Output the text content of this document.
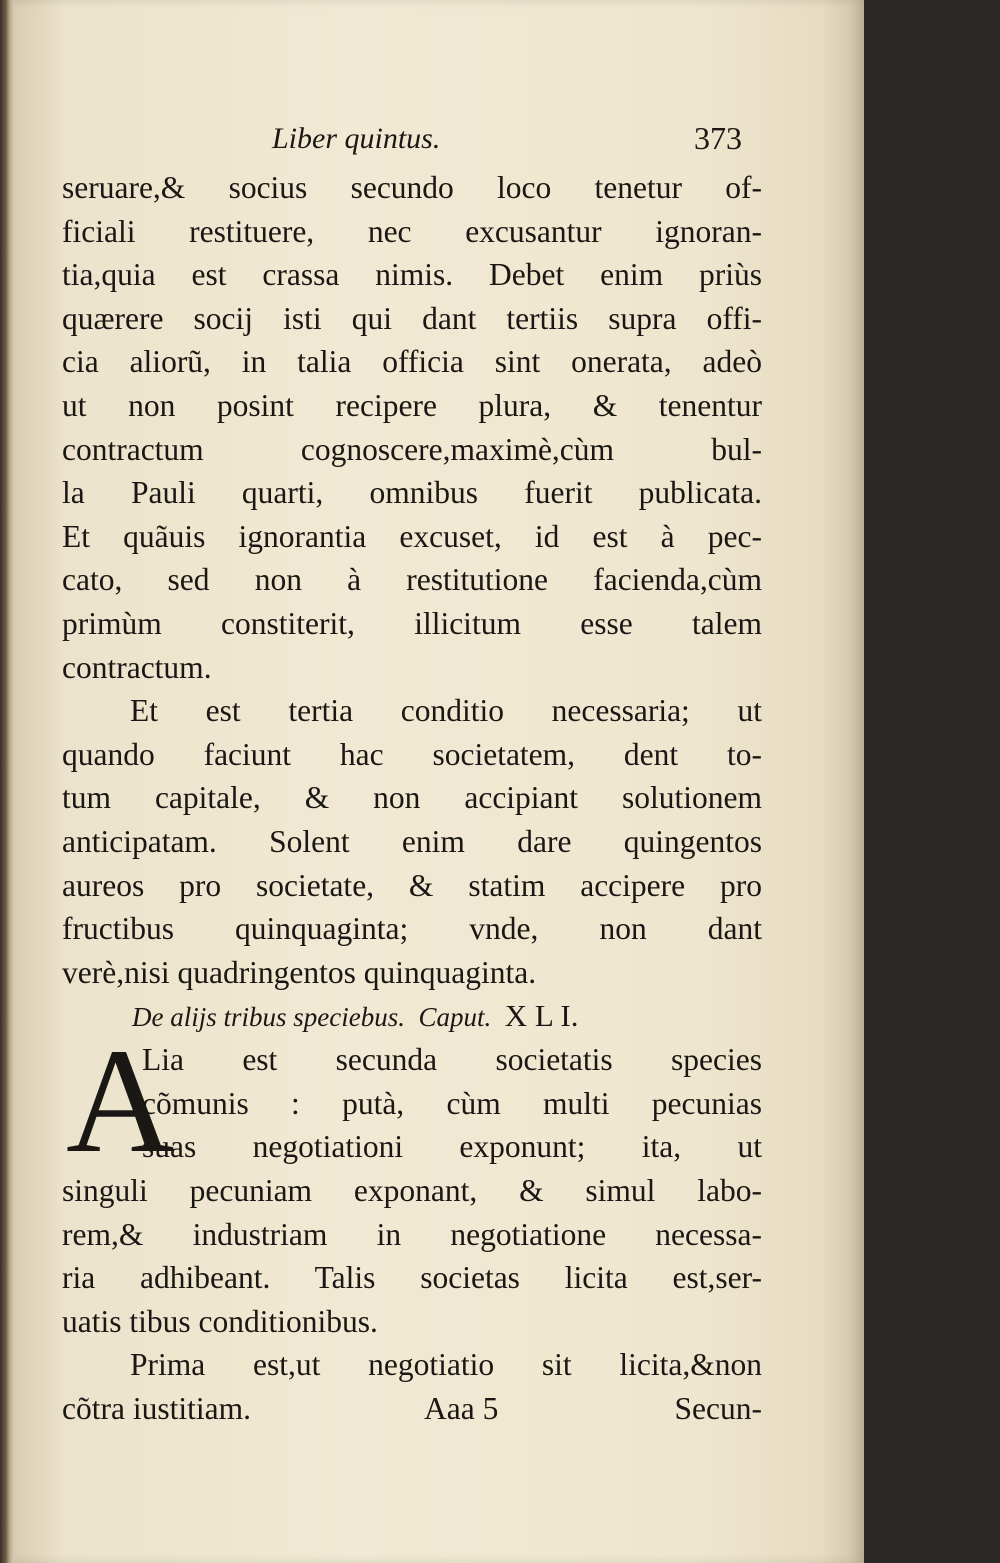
Liber quintus.	373
seruare,& socius secundo loco tenetur of-
ficiali restituere, nec excusantur ignoran-
tia,quia est crassa nimis. Debet enim priùs
quærere socij isti qui dant tertiis supra offi-
cia aliorũ, in talia officia sint onerata, adeò
ut non posint recipere plura, & tenentur
contractum cognoscere,maximè,cùm bul-
la Pauli quarti, omnibus fuerit publicata.
Et quãuis ignorantia excuset, id est à pec-
cato, sed non à restitutione facienda,cùm
primùm constiterit, illicitum esse talem
contractum.
Et est tertia conditio necessaria; ut
quando faciunt hac societatem, dent to-
tum capitale, & non accipiant solutionem
anticipatam. Solent enim dare quingentos
aureos pro societate, & statim accipere pro
fructibus quinquaginta; vnde, non dant
verè,nisi quadringentos quinquaginta.
De alijs tribus speciebus. Caput. X L I.
A
Lia est secunda societatis species
cõmunis : putà, cùm multi pecunias
suas negotiationi exponunt; ita, ut
singuli pecuniam exponant, & simul labo-
rem,& industriam in negotiatione necessa-
ria adhibeant. Talis societas licita est,ser-
uatis tibus conditionibus.
Prima est,ut negotiatio sit licita,&non
cõtra iustitiam.	Aaa 5	Secun-
